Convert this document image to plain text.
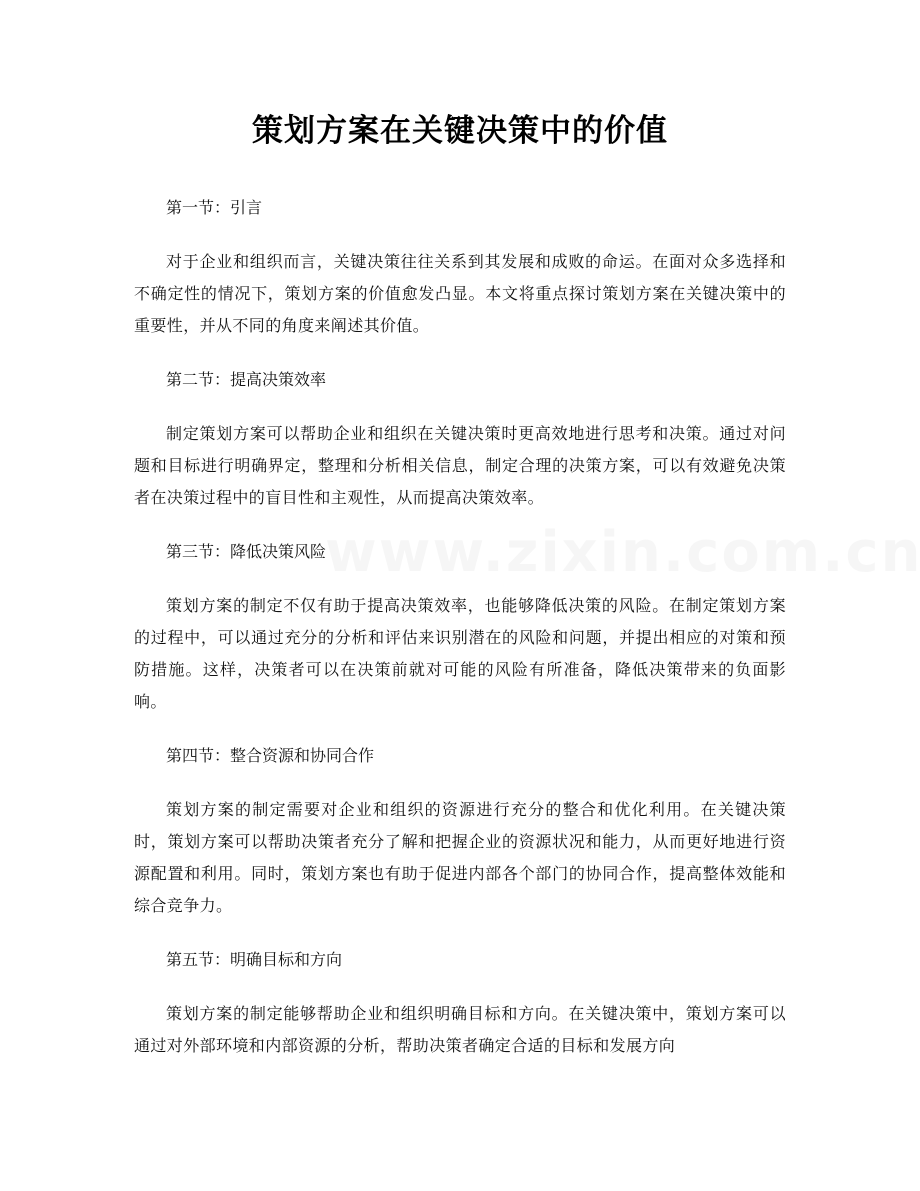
策划方案在关键决策中的价值

第一节：引言

对于企业和组织而言，关键决策往往关系到其发展和成败的命运。在面对众多选择和不确定性的情况下，策划方案的价值愈发凸显。本文将重点探讨策划方案在关键决策中的重要性，并从不同的角度来阐述其价值。

第二节：提高决策效率

制定策划方案可以帮助企业和组织在关键决策时更高效地进行思考和决策。通过对问题和目标进行明确界定，整理和分析相关信息，制定合理的决策方案，可以有效避免决策者在决策过程中的盲目性和主观性，从而提高决策效率。

第三节：降低决策风险

策划方案的制定不仅有助于提高决策效率，也能够降低决策的风险。在制定策划方案的过程中，可以通过充分的分析和评估来识别潜在的风险和问题，并提出相应的对策和预防措施。这样，决策者可以在决策前就对可能的风险有所准备，降低决策带来的负面影响。

第四节：整合资源和协同合作

策划方案的制定需要对企业和组织的资源进行充分的整合和优化利用。在关键决策时，策划方案可以帮助决策者充分了解和把握企业的资源状况和能力，从而更好地进行资源配置和利用。同时，策划方案也有助于促进内部各个部门的协同合作，提高整体效能和综合竞争力。

第五节：明确目标和方向

策划方案的制定能够帮助企业和组织明确目标和方向。在关键决策中，策划方案可以通过对外部环境和内部资源的分析，帮助决策者确定合适的目标和发展方向
